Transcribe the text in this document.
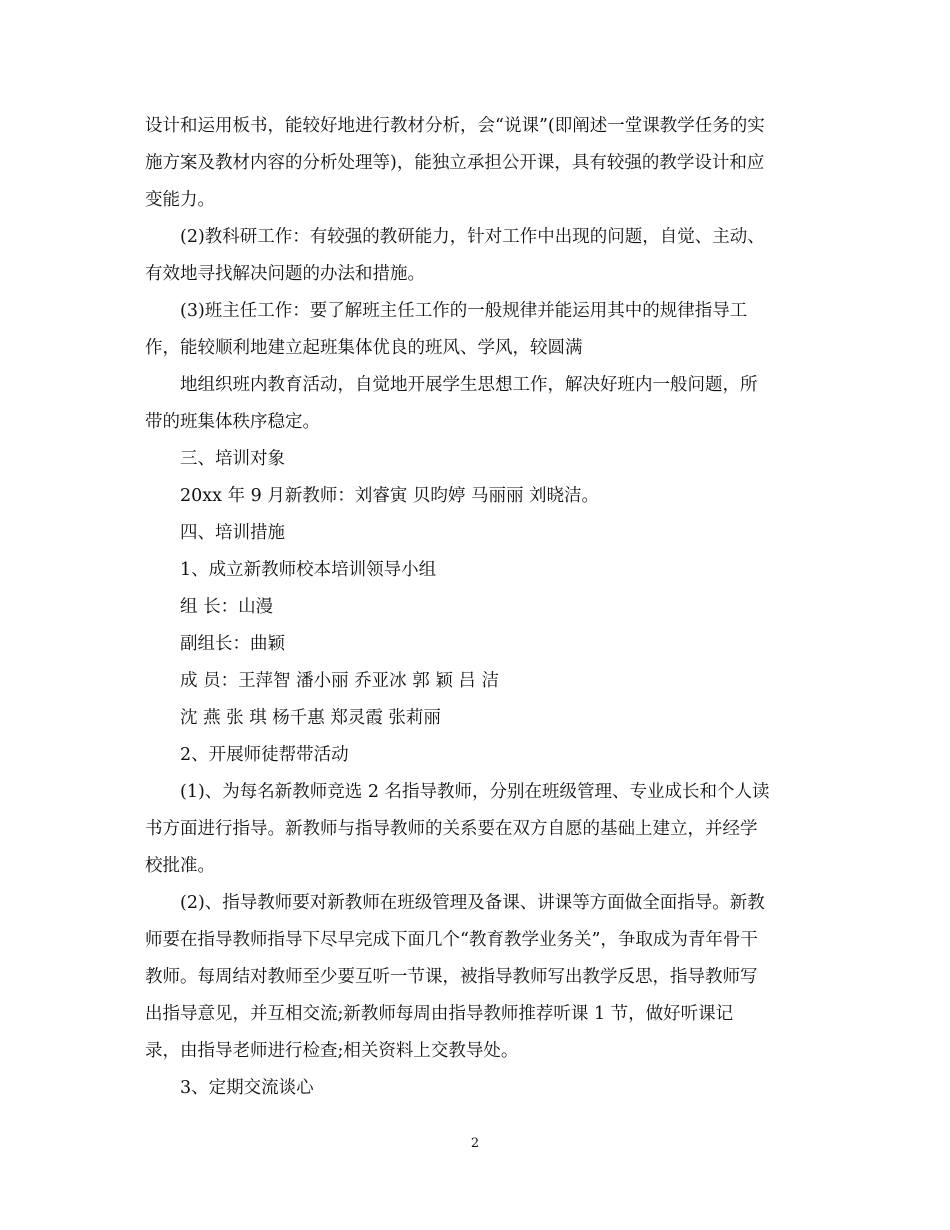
设计和运用板书，能较好地进行教材分析，会“说课”(即阐述一堂课教学任务的实
施方案及教材内容的分析处理等)，能独立承担公开课，具有较强的教学设计和应
变能力。
(2)教科研工作：有较强的教研能力，针对工作中出现的问题，自觉、主动、
有效地寻找解决问题的办法和措施。
(3)班主任工作：要了解班主任工作的一般规律并能运用其中的规律指导工
作，能较顺利地建立起班集体优良的班风、学风，较圆满
地组织班内教育活动，自觉地开展学生思想工作，解决好班内一般问题，所
带的班集体秩序稳定。
三、培训对象
20xx 年 9 月新教师：刘睿寅 贝昀婷 马丽丽 刘晓洁。
四、培训措施
1、成立新教师校本培训领导小组
组 长：山漫
副组长：曲颖
成 员：王萍智 潘小丽 乔亚冰 郭 颖 吕 洁
沈 燕 张 琪 杨千惠 郑灵霞 张莉丽
2、开展师徒帮带活动
(1)、为每名新教师竞选 2 名指导教师，分别在班级管理、专业成长和个人读
书方面进行指导。新教师与指导教师的关系要在双方自愿的基础上建立，并经学
校批准。
(2)、指导教师要对新教师在班级管理及备课、讲课等方面做全面指导。新教
师要在指导教师指导下尽早完成下面几个“教育教学业务关”，争取成为青年骨干
教师。每周结对教师至少要互听一节课，被指导教师写出教学反思，指导教师写
出指导意见，并互相交流;新教师每周由指导教师推荐听课 1 节，做好听课记
录，由指导老师进行检查;相关资料上交教导处。
3、定期交流谈心
2
